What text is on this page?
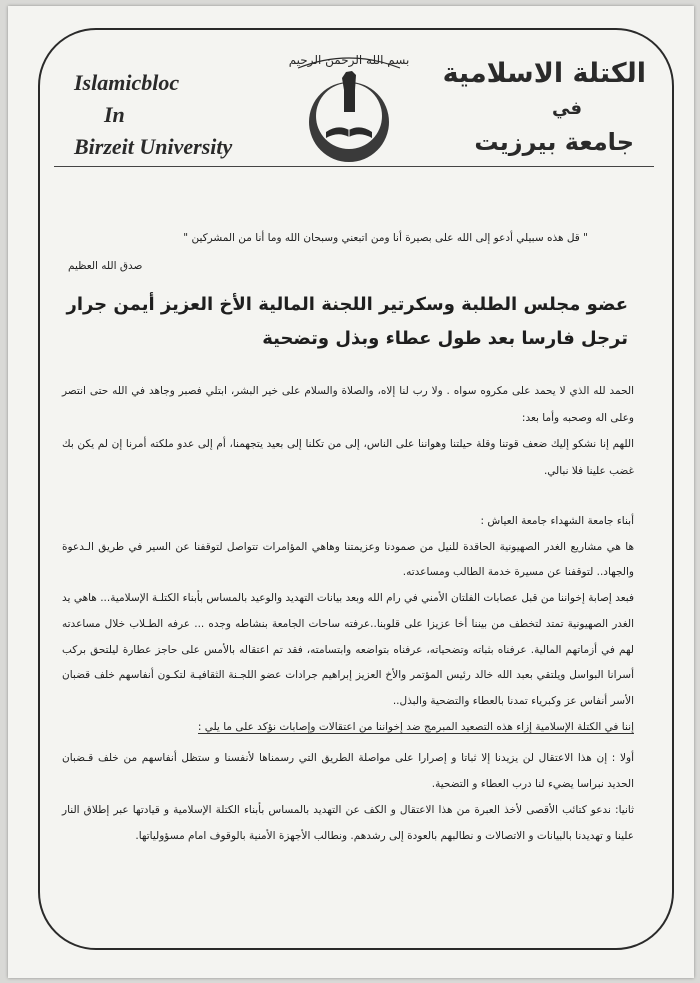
Islamicbloc
In
Birzeit University
الكتلة الاسلامية
في
جامعة بيرزيت
بسم الله الرحمن الرحيم
" قل هذه سبيلي أدعو إلى الله على بصيرة أنا ومن اتبعني وسبحان الله وما أنا من المشركين "
صدق الله العظيم
عضو مجلس الطلبة وسكرتير اللجنة المالية الأخ العزيز أيمن جرار
ترجل فارسا بعد طول عطاء وبذل وتضحية
الحمد لله الذي لا يحمد على مكروه سواه . ولا رب لنا إلاه، والصلاة والسلام على خير البشر، ابتلي فصبر وجاهد في الله حتى انتصر وعلى اله وصحبه وأما بعد:
اللهم إنا نشكو إليك ضعف قوتنا وقلة حيلتنا وهواننا على الناس، إلى من تكلنا إلى بعيد يتجهمنا، أم إلى عدو ملكته أمرنا إن لم يكن بك غضب علينا فلا نبالي.
أبناء جامعة الشهداء جامعة العياش :
ها هي مشاريع الغدر الصهيونية الحاقدة للنيل من صمودنا وعزيمتنا وهاهي المؤامرات تتواصل لتوقفنا عن السير في طريق الـدعوة والجهاد.. لتوقفنا عن مسيرة خدمة الطالب ومساعدته.
فبعد إصابة إخواننا من قبل عصابات الفلتان الأمني في رام الله وبعد بيانات التهديد والوعيد بالمساس بأبناء الكتلـة الإسلامية... هاهي يد الغدر الصهيونية تمتد لتخطف من بيننا أخا عزيزا على قلوبنا..عرفته ساحات الجامعة بنشاطه وجده ... عرفه الطـلاب خلال مساعدته لهم في أزماتهم المالية. عرفناه بثباته وتضحياته، عرفناه بتواضعه وابتسامته، فقد تم اعتقاله بالأمس على حاجز عطارة ليلتحق بركب أسرانا البواسل ويلتقي بعبد الله خالد رئيس المؤتمر والأخ العزيز إبراهيم جرادات عضو اللجـنة الثقافيـة لتكـون أنفاسهم خلف قضبان الأسر أنفاس عز وكبرياء تمدنا بالعطاء والتضحية والبذل..
إننا في الكتلة الإسلامية إزاء هذه التصعيد المبرمج ضد إخواننا من اعتقالات وإصابات نؤكد على ما يلي :
أولا : إن هذا الاعتقال لن يزيدنا إلا ثباتا و إصرارا على مواصلة الطريق التي رسمناها لأنفسنا و ستظل أنفاسهم من خلف قـضبان الحديد نبراسا يضيء لنا درب العطاء و التضحية.
ثانيا: ندعو كتائب الأقصى لأخذ العبرة من هذا الاعتقال و الكف عن التهديد بالمساس بأبناء الكتلة الإسلامية و قيادتها عبر إطلاق النار علينا و تهديدنا بالبيانات و الاتصالات و نطالبهم بالعودة إلى رشدهم. ونطالب الأجهزة الأمنية بالوقوف امام مسؤولياتها.
